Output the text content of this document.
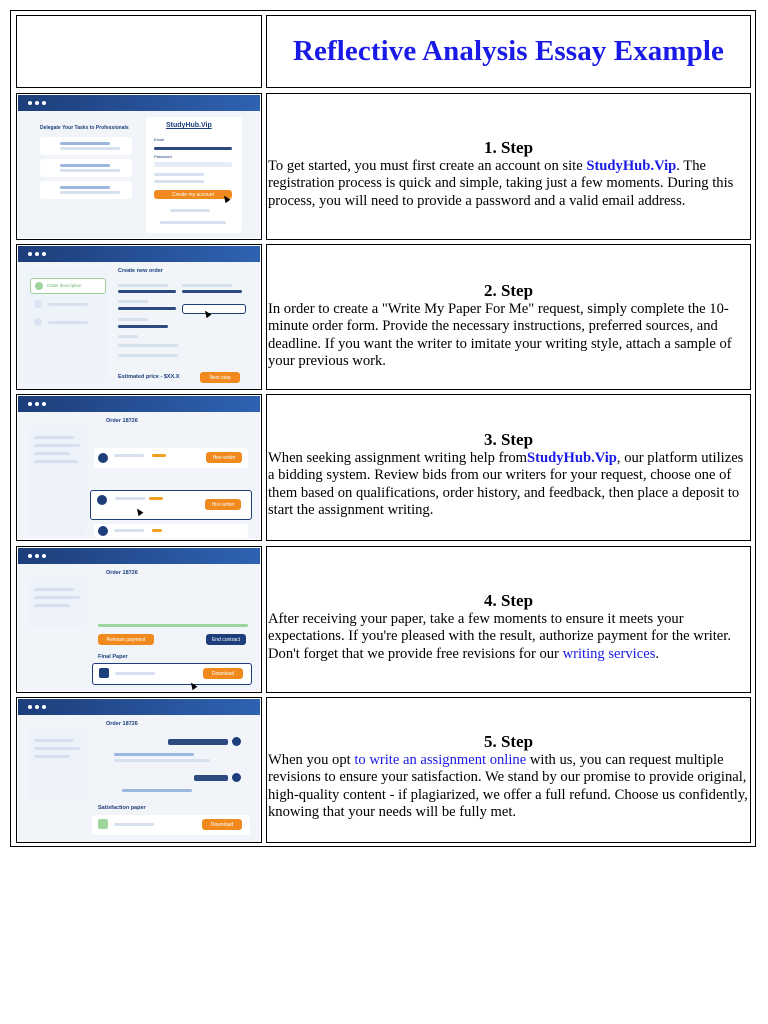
Reflective Analysis Essay Example
Delegate Your Tasks to Professionals	StudyHub.Vip
Email
Password
Create my account

1. Step

To get started, you must first create an account on site StudyHub.Vip. The registration process is quick and simple, taking just a few moments. During this process, you will need to provide a password and a valid email address.

Order description
Create new order
Estimated price - $XX.X	Next step

2. Step

In order to create a "Write My Paper For Me" request, simply complete the 10-minute order form. Provide the necessary instructions, preferred sources, and deadline. If you want the writer to imitate your writing style, attach a sample of your previous work.

Order 18726
Hire writer
Hire writer

3. Step

When seeking assignment writing help fromStudyHub.Vip, our platform utilizes a bidding system. Review bids from our writers for your request, choose one of them based on qualifications, order history, and feedback, then place a deposit to start the assignment writing.

Order 18726
Release payment	End contract
Final Paper
Download

4. Step

After receiving your paper, take a few moments to ensure it meets your expectations. If you're pleased with the result, authorize payment for the writer. Don't forget that we provide free revisions for our writing services.

Order 18726
Satisfaction paper
Download

5. Step

When you opt to write an assignment online with us, you can request multiple revisions to ensure your satisfaction. We stand by our promise to provide original, high-quality content - if plagiarized, we offer a full refund. Choose us confidently, knowing that your needs will be fully met.
